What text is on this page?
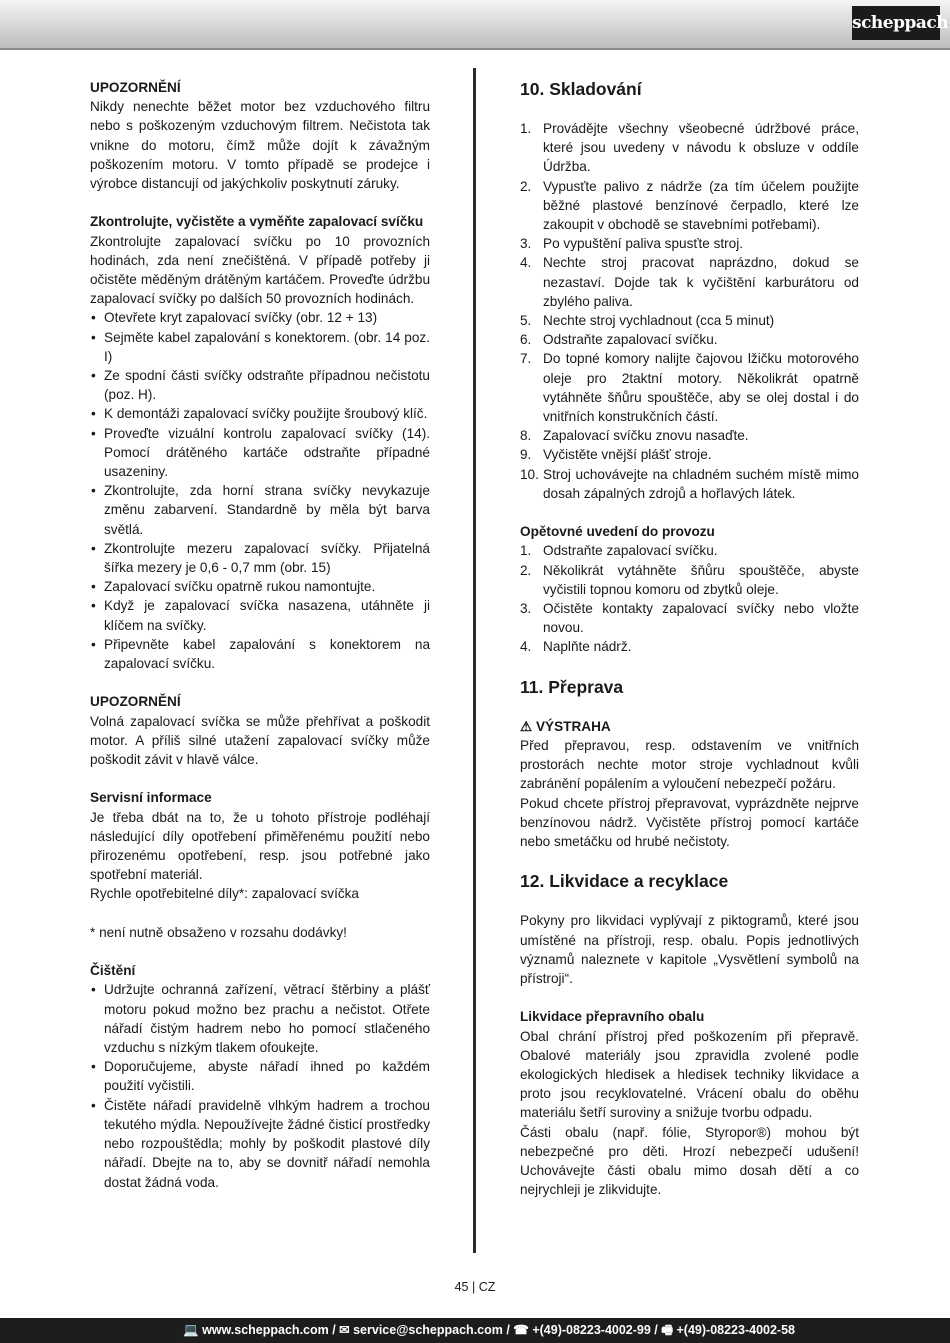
scheppach

UPOZORNĚNÍ

Nikdy nenechte běžet motor bez vzduchového filtru nebo s poškozeným vzduchovým filtrem. Nečistota tak vnikne do motoru, čímž může dojít k závažným poškozením motoru. V tomto případě se prodejce i výrobce distancují od jakýchkoliv poskytnutí záruky.

Zkontrolujte, vyčistěte a vyměňte zapalovací svíčku

Zkontrolujte zapalovací svíčku po 10 provozních hodinách, zda není znečištěná. V případě potřeby ji očistěte měděným drátěným kartáčem. Proveďte údržbu zapalovací svíčky po dalších 50 provozních hodinách.

• Otevřete kryt zapalovací svíčky (obr. 12 + 13)
• Sejměte kabel zapalování s konektorem. (obr. 14 poz. I)
• Ze spodní části svíčky odstraňte případnou nečistotu (poz. H).
• K demontáži zapalovací svíčky použijte šroubový klíč.
• Proveďte vizuální kontrolu zapalovací svíčky (14). Pomocí drátěného kartáče odstraňte případné usazeniny.
• Zkontrolujte, zda horní strana svíčky nevykazuje změnu zabarvení. Standardně by měla být barva světlá.
• Zkontrolujte mezeru zapalovací svíčky. Přijatelná šířka mezery je 0,6 - 0,7 mm (obr. 15)
• Zapalovací svíčku opatrně rukou namontujte.
• Když je zapalovací svíčka nasazena, utáhněte ji klíčem na svíčky.
• Připevněte kabel zapalování s konektorem na zapalovací svíčku.

UPOZORNĚNÍ

Volná zapalovací svíčka se může přehřívat a poškodit motor. A příliš silné utažení zapalovací svíčky může poškodit závit v hlavě válce.

Servisní informace

Je třeba dbát na to, že u tohoto přístroje podléhají následující díly opotřebení přiměřenému použití nebo přirozenému opotřebení, resp. jsou potřebné jako spotřební materiál.

Rychle opotřebitelné díly*: zapalovací svíčka

* není nutně obsaženo v rozsahu dodávky!

Čištění

• Udržujte ochranná zařízení, větrací štěrbiny a plášť motoru pokud možno bez prachu a nečistot. Otřete nářadí čistým hadrem nebo ho pomocí stlačeného vzduchu s nízkým tlakem ofoukejte.
• Doporučujeme, abyste nářadí ihned po každém použití vyčistili.
• Čistěte nářadí pravidelně vlhkým hadrem a trochou tekutého mýdla. Nepoužívejte žádné čisticí prostředky nebo rozpouštědla; mohly by poškodit plastové díly nářadí. Dbejte na to, aby se dovnitř nářadí nemohla dostat žádná voda.
10. Skladování
1. Provádějte všechny všeobecné údržbové práce, které jsou uvedeny v návodu k obsluze v oddíle Údržba.
2. Vypusťte palivo z nádrže (za tím účelem použijte běžné plastové benzínové čerpadlo, které lze zakoupit v obchodě se stavebními potřebami).
3. Po vypuštění paliva spusťte stroj.
4. Nechte stroj pracovat naprázdno, dokud se nezastaví. Dojde tak k vyčištění karburátoru od zbylého paliva.
5. Nechte stroj vychladnout (cca 5 minut)
6. Odstraňte zapalovací svíčku.
7. Do topné komory nalijte čajovou lžičku motorového oleje pro 2taktní motory. Několikrát opatrně vytáhněte šňůru spouštěče, aby se olej dostal i do vnitřních konstrukčních částí.
8. Zapalovací svíčku znovu nasaďte.
9. Vyčistěte vnější plášť stroje.
10. Stroj uchovávejte na chladném suchém místě mimo dosah zápalných zdrojů a hořlavých látek.

Opětovné uvedení do provozu

1. Odstraňte zapalovací svíčku.
2. Několikrát vytáhněte šňůru spouštěče, abyste vyčistili topnou komoru od zbytků oleje.
3. Očistěte kontakty zapalovací svíčky nebo vložte novou.
4. Naplňte nádrž.
11. Přeprava

⚠ VÝSTRAHA

Před přepravou, resp. odstavením ve vnitřních prostorách nechte motor stroje vychladnout kvůli zabránění popálením a vyloučení nebezpečí požáru.

Pokud chcete přístroj přepravovat, vyprázdněte nejprve benzínovou nádrž. Vyčistěte přístroj pomocí kartáče nebo smetáčku od hrubé nečistoty.

12. Likvidace a recyklace

Pokyny pro likvidaci vyplývají z piktogramů, které jsou umístěné na přístroji, resp. obalu. Popis jednotlivých významů naleznete v kapitole „Vysvětlení symbolů na přístroji“.

Likvidace přepravního obalu

Obal chrání přístroj před poškozením při přepravě. Obalové materiály jsou zpravidla zvolené podle ekologických hledisek a hledisek techniky likvidace a proto jsou recyklovatelné. Vrácení obalu do oběhu materiálu šetří suroviny a snižuje tvorbu odpadu.

Části obalu (např. fólie, Styropor®) mohou být nebezpečné pro děti. Hrozí nebezpečí udušení! Uchovávejte části obalu mimo dosah dětí a co nejrychleji je zlikvidujte.

45 | CZ
💻 www.scheppach.com / ✉ service@scheppach.com / ☎ +(49)-08223-4002-99 / 🖷 +(49)-08223-4002-58
